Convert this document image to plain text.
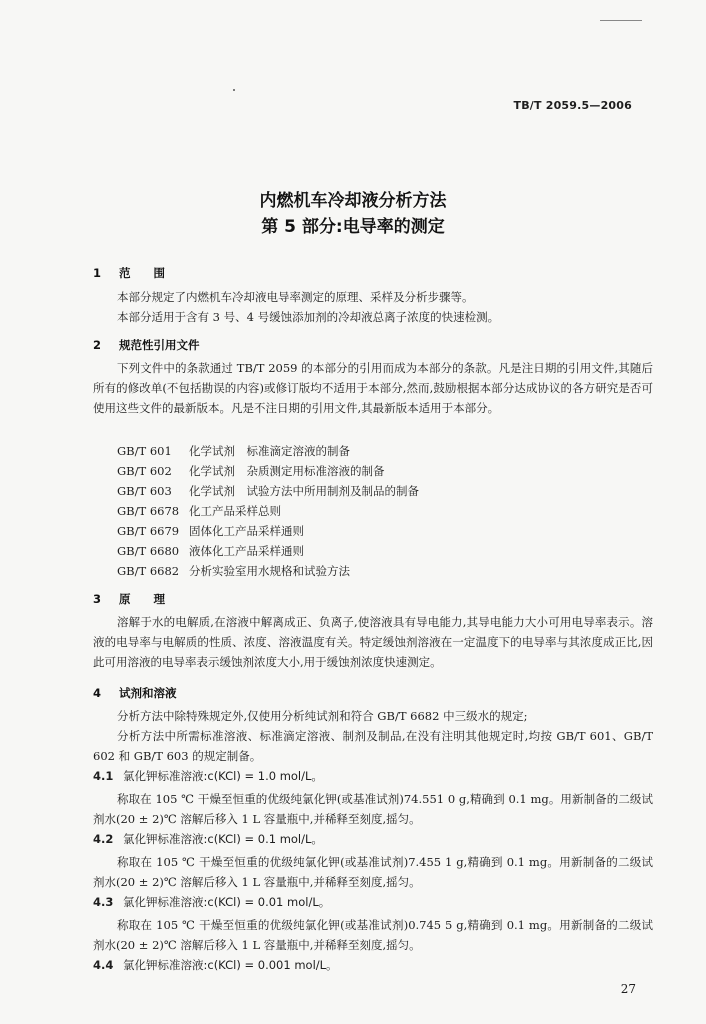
TB/T 2059.5—2006
内燃机车冷却液分析方法
第 5 部分:电导率的测定
1 范　　围
本部分规定了内燃机车冷却液电导率测定的原理、采样及分析步骤等。
本部分适用于含有 3 号、4 号缓蚀添加剂的冷却液总离子浓度的快速检测。
2 规范性引用文件
下列文件中的条款通过 TB/T 2059 的本部分的引用而成为本部分的条款。凡是注日期的引用文件,其随后所有的修改单(不包括勘误的内容)或修订版均不适用于本部分,然而,鼓励根据本部分达成协议的各方研究是否可使用这些文件的最新版本。凡是不注日期的引用文件,其最新版本适用于本部分。
GB/T 601 化学试剂　标准滴定溶液的制备
GB/T 602 化学试剂　杂质测定用标准溶液的制备
GB/T 603 化学试剂　试验方法中所用制剂及制品的制备
GB/T 6678 化工产品采样总则
GB/T 6679 固体化工产品采样通则
GB/T 6680 液体化工产品采样通则
GB/T 6682 分析实验室用水规格和试验方法
3 原　　理
溶解于水的电解质,在溶液中解离成正、负离子,使溶液具有导电能力,其导电能力大小可用电导率表示。溶液的电导率与电解质的性质、浓度、溶液温度有关。特定缓蚀剂溶液在一定温度下的电导率与其浓度成正比,因此可用溶液的电导率表示缓蚀剂浓度大小,用于缓蚀剂浓度快速测定。
4 试剂和溶液
分析方法中除特殊规定外,仅使用分析纯试剂和符合 GB/T 6682 中三级水的规定;
分析方法中所需标准溶液、标准滴定溶液、制剂及制品,在没有注明其他规定时,均按 GB/T 601、GB/T 602 和 GB/T 603 的规定制备。
4.1 氯化钾标准溶液:c(KCl) = 1.0 mol/L。
称取在 105 ℃ 干燥至恒重的优级纯氯化钾(或基准试剂)74.551 0 g,精确到 0.1 mg。用新制备的二级试剂水(20 ± 2)℃ 溶解后移入 1 L 容量瓶中,并稀释至刻度,摇匀。
4.2 氯化钾标准溶液:c(KCl) = 0.1 mol/L。
称取在 105 ℃ 干燥至恒重的优级纯氯化钾(或基准试剂)7.455 1 g,精确到 0.1 mg。用新制备的二级试剂水(20 ± 2)℃ 溶解后移入 1 L 容量瓶中,并稀释至刻度,摇匀。
4.3 氯化钾标准溶液:c(KCl) = 0.01 mol/L。
称取在 105 ℃ 干燥至恒重的优级纯氯化钾(或基准试剂)0.745 5 g,精确到 0.1 mg。用新制备的二级试剂水(20 ± 2)℃ 溶解后移入 1 L 容量瓶中,并稀释至刻度,摇匀。
4.4 氯化钾标准溶液:c(KCl) = 0.001 mol/L。
27
